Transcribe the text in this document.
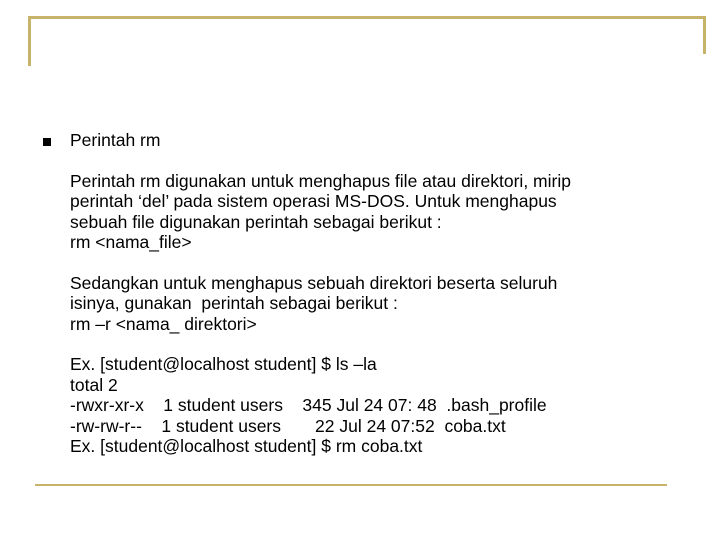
Perintah rm
Perintah rm digunakan untuk menghapus file atau direktori, mirip
perintah ‘del’ pada sistem operasi MS-DOS. Untuk menghapus
sebuah file digunakan perintah sebagai berikut :
rm <nama_file>
Sedangkan untuk menghapus sebuah direktori beserta seluruh
isinya, gunakan  perintah sebagai berikut :
rm –r <nama_ direktori>
Ex. [student@localhost student] $ ls –la
total 2
-rwxr-xr-x    1 student users    345 Jul 24 07: 48  .bash_profile
-rw-rw-r--    1 student users       22 Jul 24 07:52  coba.txt
Ex. [student@localhost student] $ rm coba.txt
